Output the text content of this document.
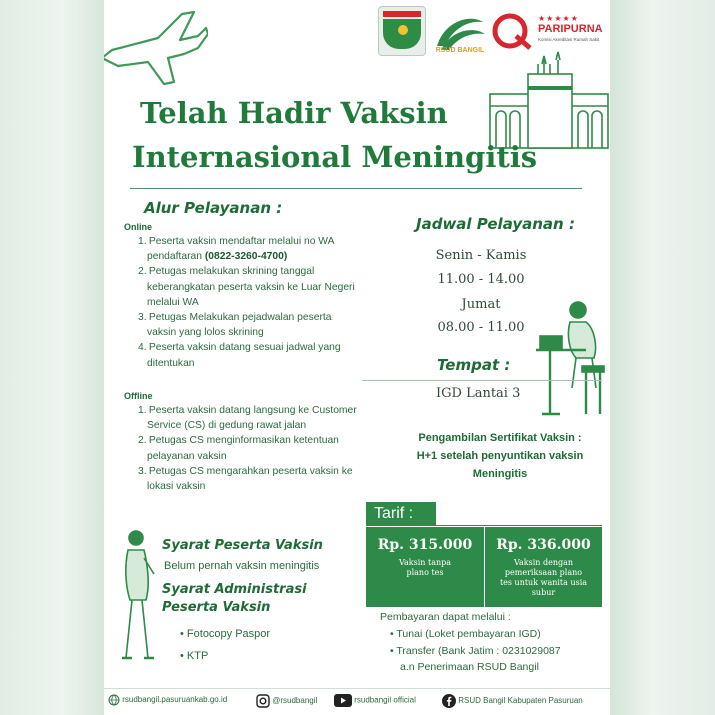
RSUD BANGIL
★★★★★
PARIPURNA
Komisi Akreditasi Rumah Sakit
Telah Hadir Vaksin
Internasional Meningitis
Alur Pelayanan :
Online
1. Peserta vaksin mendaftar melalui no WA
pendaftaran (0822-3260-4700)
2. Petugas melakukan skrining tanggal
keberangkatan peserta vaksin ke Luar Negeri
melalui WA
3. Petugas Melakukan pejadwalan peserta
vaksin yang lolos skrining
4. Peserta vaksin datang sesuai jadwal yang
ditentukan
Offline
1. Peserta vaksin datang langsung ke Customer
Service (CS) di gedung rawat jalan
2. Petugas CS menginformasikan ketentuan
pelayanan vaksin
3. Petugas CS mengarahkan peserta vaksin ke
lokasi vaksin
Jadwal Pelayanan :
Senin - Kamis
11.00 - 14.00
Jumat
08.00 - 11.00
Tempat :
IGD Lantai 3
Pengambilan Sertifikat Vaksin :
H+1 setelah penyuntikan vaksin
Meningitis
Tarif :
Rp. 315.000
Vaksin tanpa
plano tes
Rp. 336.000
Vaksin dengan
pemeriksaan plano
tes untuk wanita usia
subur
Pembayaran dapat melalui :
• Tunai (Loket pembayaran IGD)
• Transfer (Bank Jatim : 0231029087
a.n Penerimaan RSUD Bangil
Syarat Peserta Vaksin
Belum pernah vaksin meningitis
Syarat Administrasi
Peserta Vaksin
• Fotocopy Paspor
• KTP
rsudbangil.pasuruankab.go.id	@rsudbangil	rsudbangil official	RSUD Bangil Kabupaten Pasuruan
